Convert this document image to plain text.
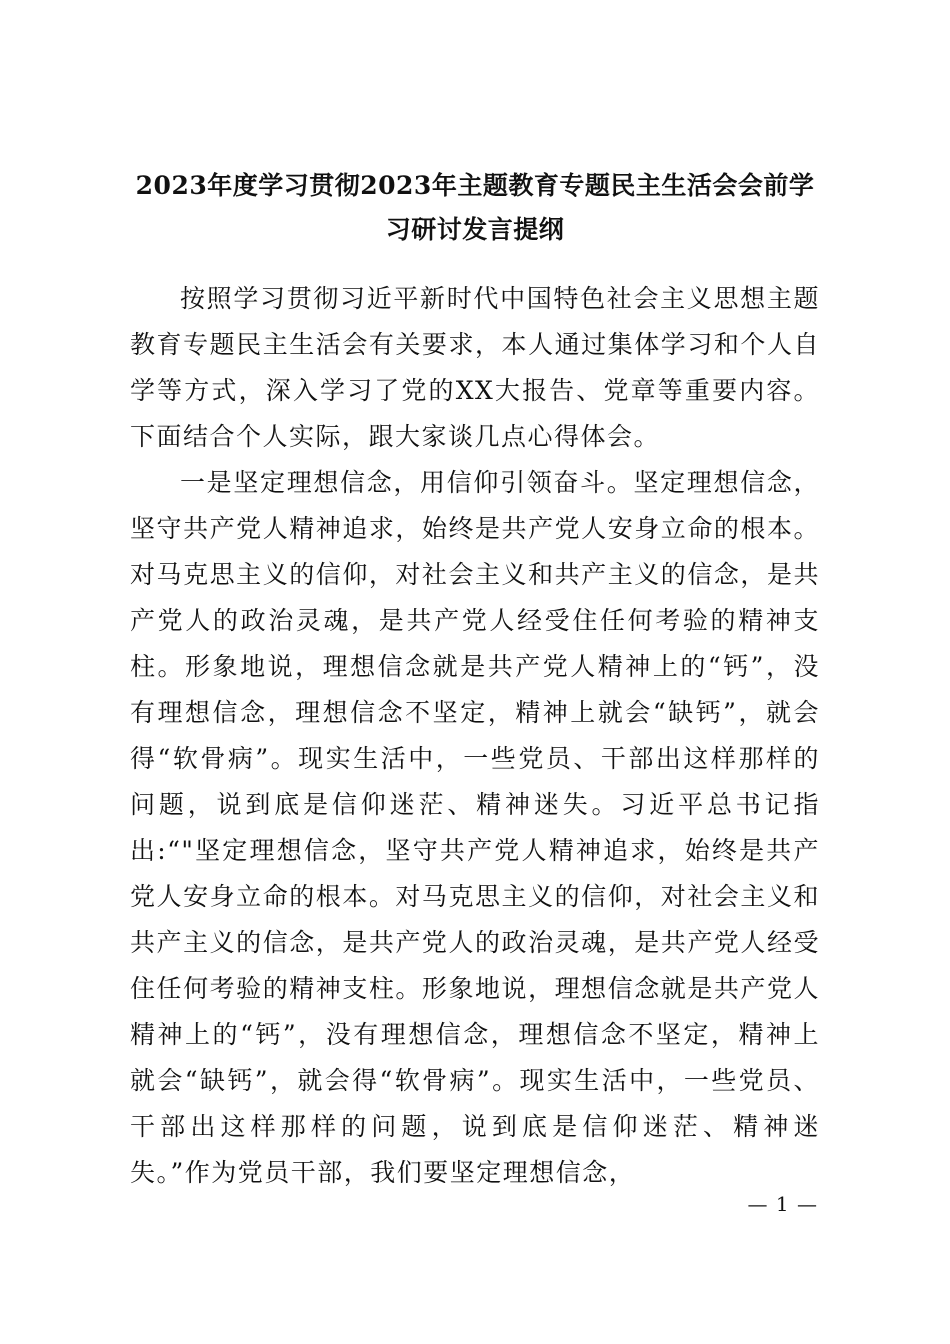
2023年度学习贯彻2023年主题教育专题民主生活会会前学习研讨发言提纲

按照学习贯彻习近平新时代中国特色社会主义思想主题教育专题民主生活会有关要求，本人通过集体学习和个人自学等方式，深入学习了党的XX大报告、党章等重要内容。下面结合个人实际，跟大家谈几点心得体会。

一是坚定理想信念，用信仰引领奋斗。坚定理想信念，坚守共产党人精神追求，始终是共产党人安身立命的根本。对马克思主义的信仰，对社会主义和共产主义的信念，是共产党人的政治灵魂，是共产党人经受住任何考验的精神支柱。形象地说，理想信念就是共产党人精神上的“钙”，没有理想信念，理想信念不坚定，精神上就会“缺钙”，就会得“软骨病”。现实生活中，一些党员、干部出这样那样的问题，说到底是信仰迷茫、精神迷失。习近平总书记指出:“"坚定理想信念，坚守共产党人精神追求，始终是共产党人安身立命的根本。对马克思主义的信仰，对社会主义和共产主义的信念，是共产党人的政治灵魂，是共产党人经受住任何考验的精神支柱。形象地说，理想信念就是共产党人精神上的“钙”，没有理想信念，理想信念不坚定，精神上就会“缺钙”，就会得“软骨病”。现实生活中，一些党员、干部出这样那样的问题，说到底是信仰迷茫、精神迷失。”作为党员干部，我们要坚定理想信念，

— 1 —
